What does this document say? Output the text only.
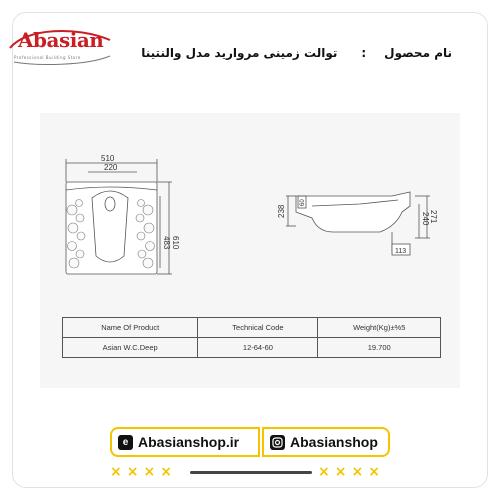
Abasian
Professional Building Store	نام محصول:توالت زمینی مروارید مدل والنتینا
510
220
483 610
238
60
240 271
113
Name Of Product	Technical Code	Weight(Kg)±%5
Asian W.C.Deep	12-64-60	19.700
e Abasianshop.ir	Abasianshop
××××	××××
